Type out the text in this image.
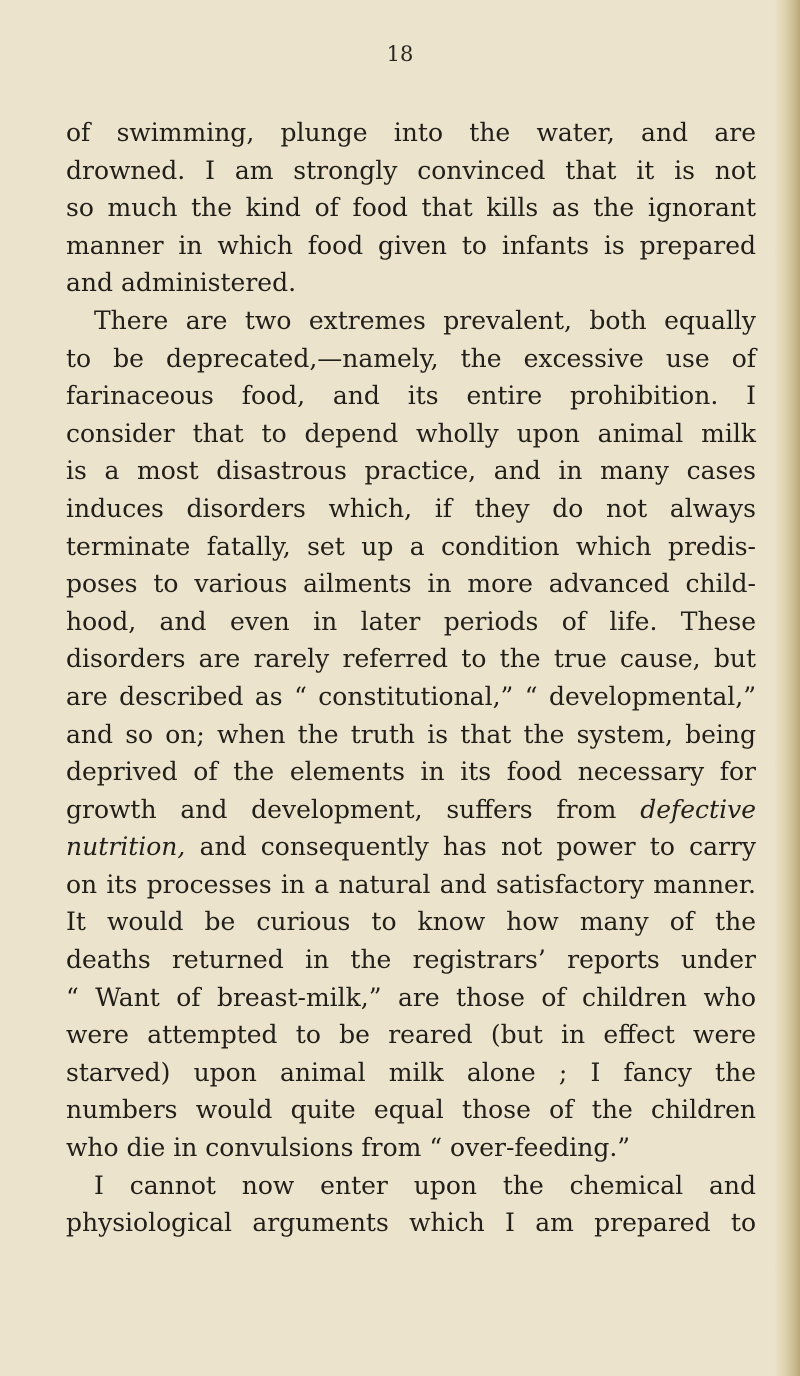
18
of swimming, plunge into the water, and are
drowned. I am strongly convinced that it is not
so much the kind of food that kills as the ignorant
manner in which food given to infants is prepared
and administered.
There are two extremes prevalent, both equally
to be deprecated,—namely, the excessive use of
farinaceous food, and its entire prohibition. I
consider that to depend wholly upon animal milk
is a most disastrous practice, and in many cases
induces disorders which, if they do not always
terminate fatally, set up a condition which predis-
poses to various ailments in more advanced child-
hood, and even in later periods of life. These
disorders are rarely referred to the true cause, but
are described as “ constitutional,” “ developmental,”
and so on; when the truth is that the system, being
deprived of the elements in its food necessary for
growth and development, suffers from defective
nutrition, and consequently has not power to carry
on its processes in a natural and satisfactory manner.
It would be curious to know how many of the
deaths returned in the registrars’ reports under
“ Want of breast-milk,” are those of children who
were attempted to be reared (but in effect were
starved) upon animal milk alone ; I fancy the
numbers would quite equal those of the children
who die in convulsions from “ over-feeding.”
I cannot now enter upon the chemical and
physiological arguments which I am prepared to
